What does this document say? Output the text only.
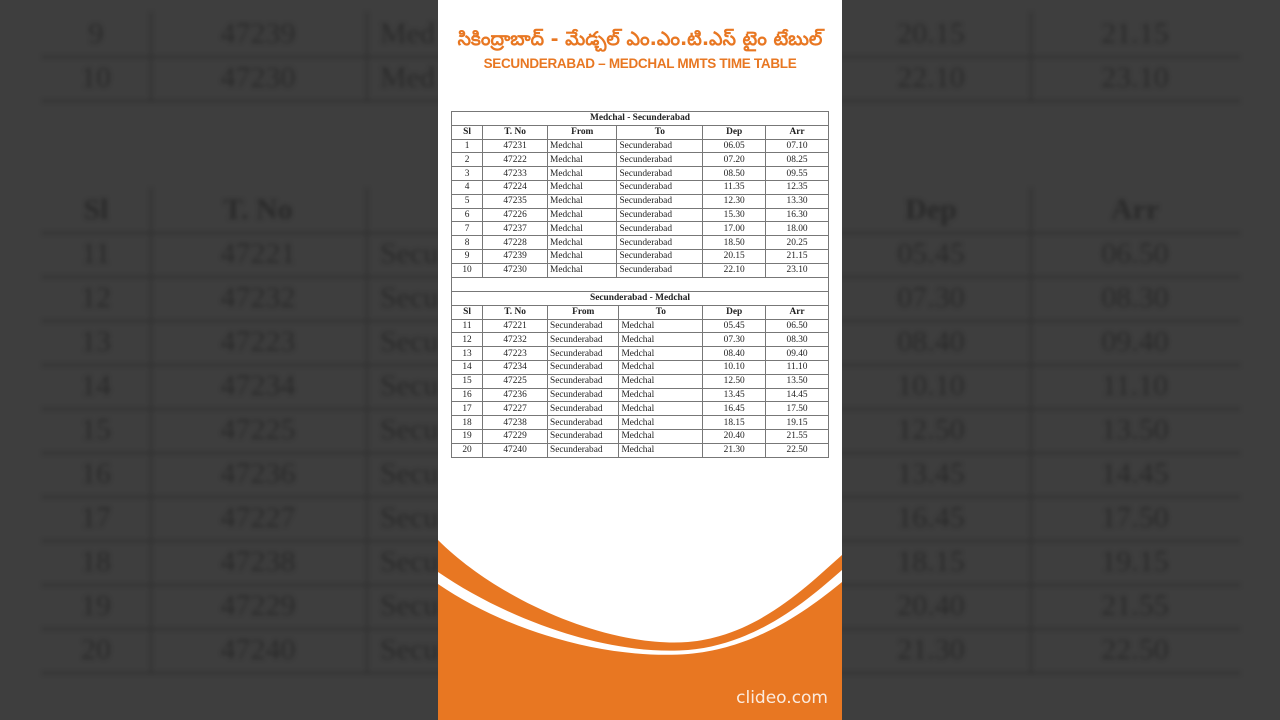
9	47239	Med	20.15	21.15
10	47230	Med	22.10	23.10
Sl	T. No	Dep	Arr
11	47221	Secu	05.45	06.50
12	47232	Secu	07.30	08.30
13	47223	Secu	08.40	09.40
14	47234	Secu	10.10	11.10
15	47225	Secu	12.50	13.50
16	47236	Secu	13.45	14.45
17	47227	Secu	16.45	17.50
18	47238	Secu	18.15	19.15
19	47229	Secu	20.40	21.55
20	47240	Secu	21.30	22.50
సికింద్రాబాద్ - మేడ్చల్ ఎం.ఎం.టి.ఎస్ టైం టేబుల్
SECUNDERABAD – MEDCHAL MMTS TIME TABLE
Medchal - Secunderabad					
Sl	T. No	From	To	Dep	Arr
1	47231	Medchal	Secunderabad	06.05	07.10
2	47222	Medchal	Secunderabad	07.20	08.25
3	47233	Medchal	Secunderabad	08.50	09.55
4	47224	Medchal	Secunderabad	11.35	12.35
5	47235	Medchal	Secunderabad	12.30	13.30
6	47226	Medchal	Secunderabad	15.30	16.30
7	47237	Medchal	Secunderabad	17.00	18.00
8	47228	Medchal	Secunderabad	18.50	20.25
9	47239	Medchal	Secunderabad	20.15	21.15
10	47230	Medchal	Secunderabad	22.10	23.10
Secunderabad - Medchal					
Sl	T. No	From	To	Dep	Arr
11	47221	Secunderabad	Medchal	05.45	06.50
12	47232	Secunderabad	Medchal	07.30	08.30
13	47223	Secunderabad	Medchal	08.40	09.40
14	47234	Secunderabad	Medchal	10.10	11.10
15	47225	Secunderabad	Medchal	12.50	13.50
16	47236	Secunderabad	Medchal	13.45	14.45
17	47227	Secunderabad	Medchal	16.45	17.50
18	47238	Secunderabad	Medchal	18.15	19.15
19	47229	Secunderabad	Medchal	20.40	21.55
20	47240	Secunderabad	Medchal	21.30	22.50
clideo.com
